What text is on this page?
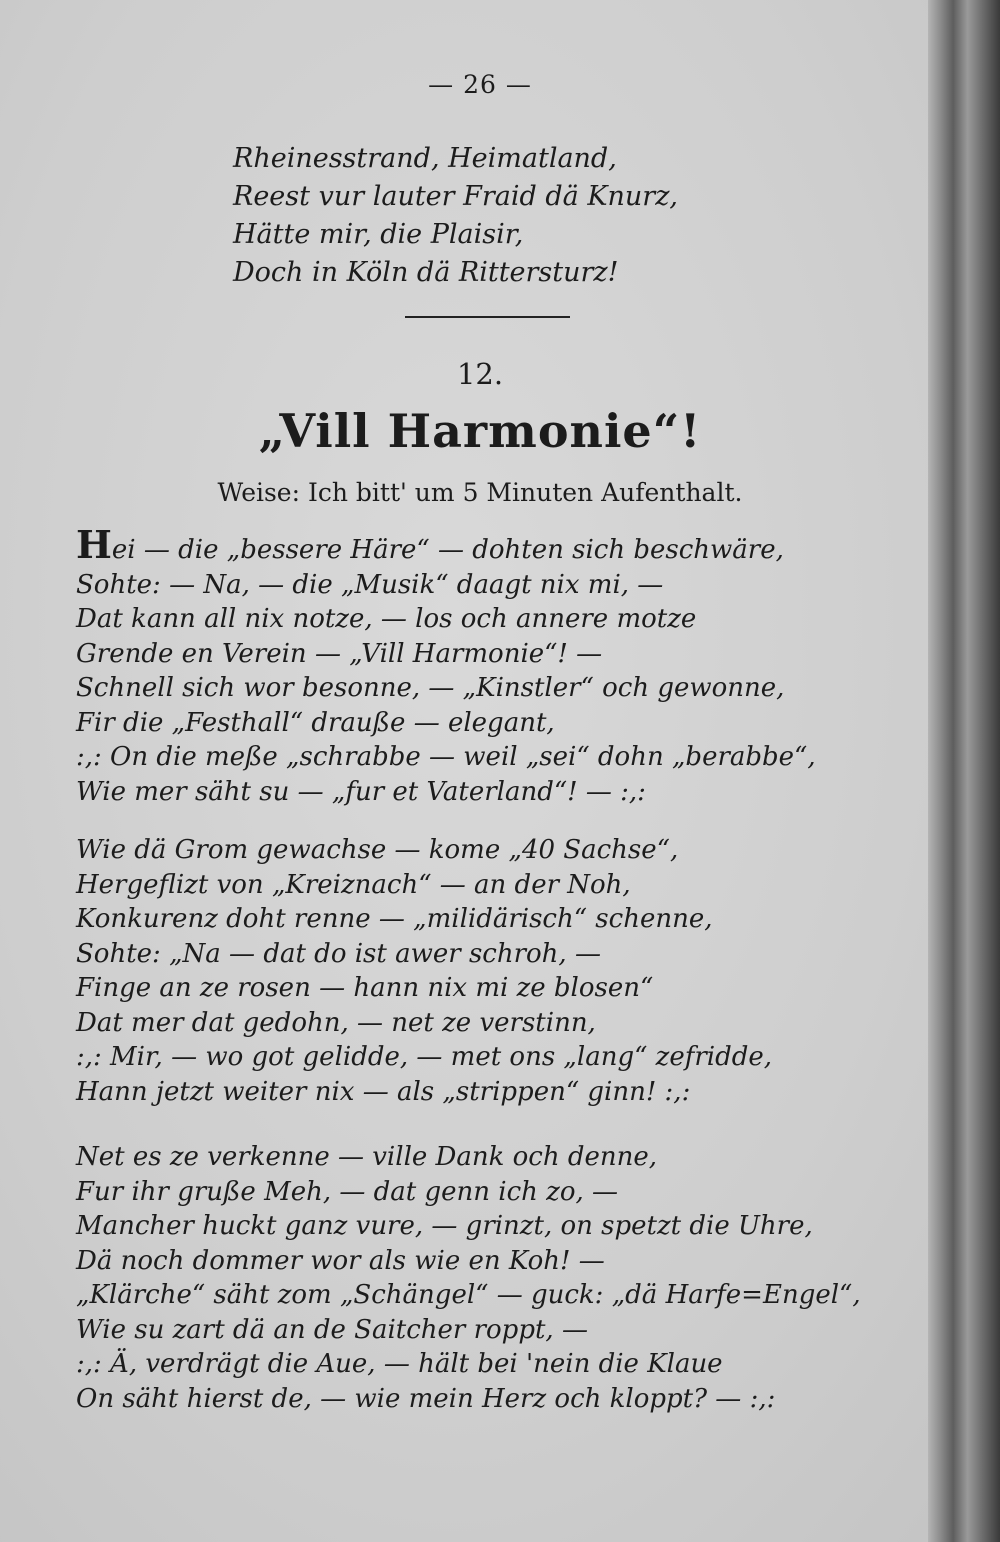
— 26 —
Rheinesstrand, Heimatland,
Reest vur lauter Fraid dä Knurz,
Hätte mir, die Plaisir,
Doch in Köln dä Rittersturz!
12.
„Vill Harmonie“!
Weise: Ich bitt' um 5 Minuten Aufenthalt.
Hei — die „bessere Häre“ — dohten sich beschwäre,
Sohte: — Na, — die „Musik“ daagt nix mi, —
Dat kann all nix notze, — los och annere motze
Grende en Verein — „Vill Harmonie“! —
Schnell sich wor besonne, — „Kinstler“ och gewonne,
Fir die „Festhall“ drauße — elegant,
:,: On die meße „schrabbe — weil „sei“ dohn „berabbe“,
Wie mer säht su — „fur et Vaterland“! — :,:
Wie dä Grom gewachse — kome „40 Sachse“,
Hergeflizt von „Kreiznach“ — an der Noh,
Konkurenz doht renne — „milidärisch“ schenne,
Sohte: „Na — dat do ist awer schroh, —
Finge an ze rosen — hann nix mi ze blosen“
Dat mer dat gedohn, — net ze verstinn,
:,: Mir, — wo got gelidde, — met ons „lang“ zefridde,
Hann jetzt weiter nix — als „strippen“ ginn! :,:
Net es ze verkenne — ville Dank och denne,
Fur ihr gruße Meh, — dat genn ich zo, —
Mancher huckt ganz vure, — grinzt, on spetzt die Uhre,
Dä noch dommer wor als wie en Koh! —
„Klärche“ säht zom „Schängel“ — guck: „dä Harfe=Engel“,
Wie su zart dä an de Saitcher roppt, —
:,: Ä, verdrägt die Aue, — hält bei 'nein die Klaue
On säht hierst de, — wie mein Herz och kloppt? — :,:
